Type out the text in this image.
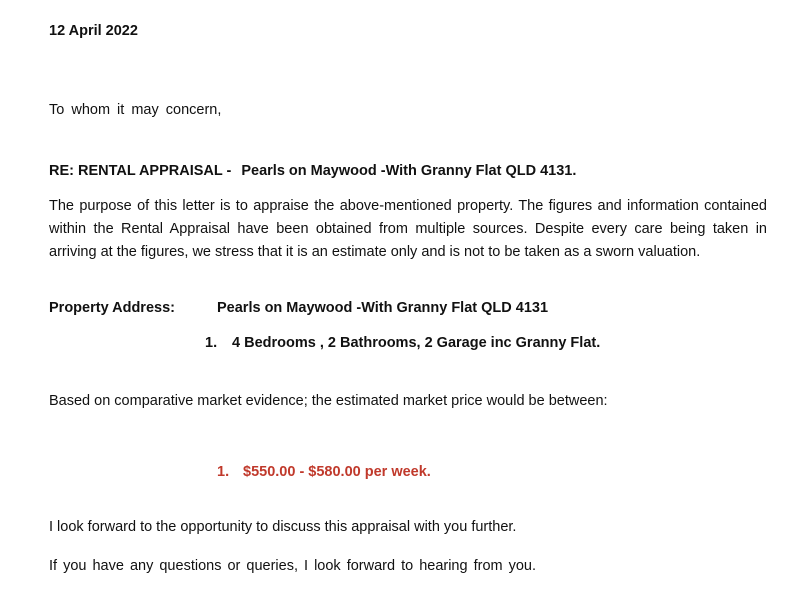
12 April 2022

To whom it may concern,

RE: RENTAL APPRAISAL - Pearls on Maywood -With Granny Flat QLD 4131.

The purpose of this letter is to appraise the above-mentioned property. The figures and information contained within the Rental Appraisal have been obtained from multiple sources. Despite every care being taken in arriving at the figures, we stress that it is an estimate only and is not to be taken as a sworn valuation.

Property Address:	Pearls on Maywood -With Granny Flat QLD 4131

1. 4 Bedrooms , 2 Bathrooms, 2 Garage inc Granny Flat.

Based on comparative market evidence; the estimated market price would be between:

1. $550.00 - $580.00 per week.

I look forward to the opportunity to discuss this appraisal with you further.

If you have any questions or queries, I look forward to hearing from you.
